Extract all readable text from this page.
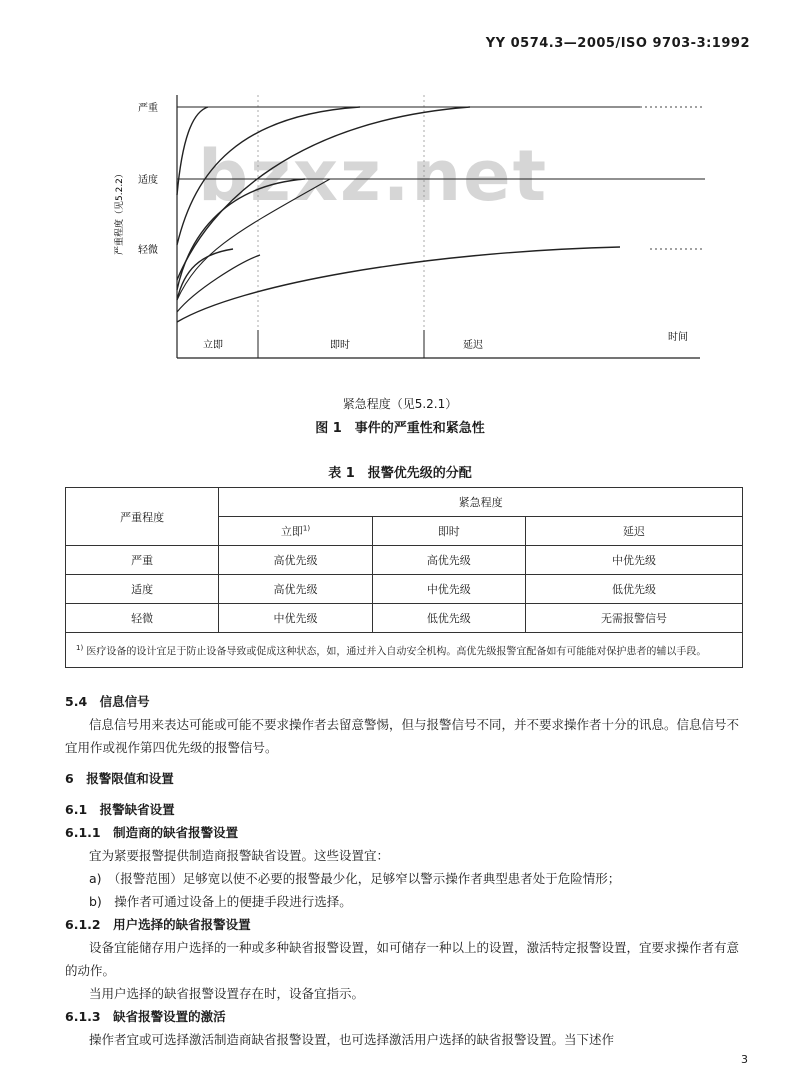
YY 0574.3—2005/ISO 9703-3:1992
bzxz.net
严重
适度
轻微
严重程度（见5.2.2）
立即	即时	延迟
时间
紧急程度（见5.2.1）
图 1　事件的严重性和紧急性
表 1　报警优先级的分配
严重程度	紧急程度		
	立即$^{1)}$	即时	延迟
严重	高优先级	高优先级	中优先级
适度	高优先级	中优先级	低优先级
轻微	中优先级	低优先级	无需报警信号
$^{1)}$ 医疗设备的设计宜足于防止设备导致或促成这种状态，如，通过并入自动安全机构。高优先级报警宜配备如有可能能对保护患者的辅以手段。			

5.4　信息信号

信息信号用来表达可能或可能不要求操作者去留意警惕，但与报警信号不同，并不要求操作者十分的讯息。信息信号不宜用作或视作第四优先级的报警信号。

6　报警限值和设置

6.1　报警缺省设置

6.1.1　制造商的缺省报警设置

宜为紧要报警提供制造商报警缺省设置。这些设置宜：

a)　（报警范围）足够宽以使不必要的报警最少化，足够窄以警示操作者典型患者处于危险情形；

b)　操作者可通过设备上的便捷手段进行选择。

6.1.2　用户选择的缺省报警设置

设备宜能储存用户选择的一种或多种缺省报警设置，如可储存一种以上的设置，激活特定报警设置，宜要求操作者有意的动作。

当用户选择的缺省报警设置存在时，设备宜指示。

6.1.3　缺省报警设置的激活

操作者宜或可选择激活制造商缺省报警设置，也可选择激活用户选择的缺省报警设置。当下述作

3
